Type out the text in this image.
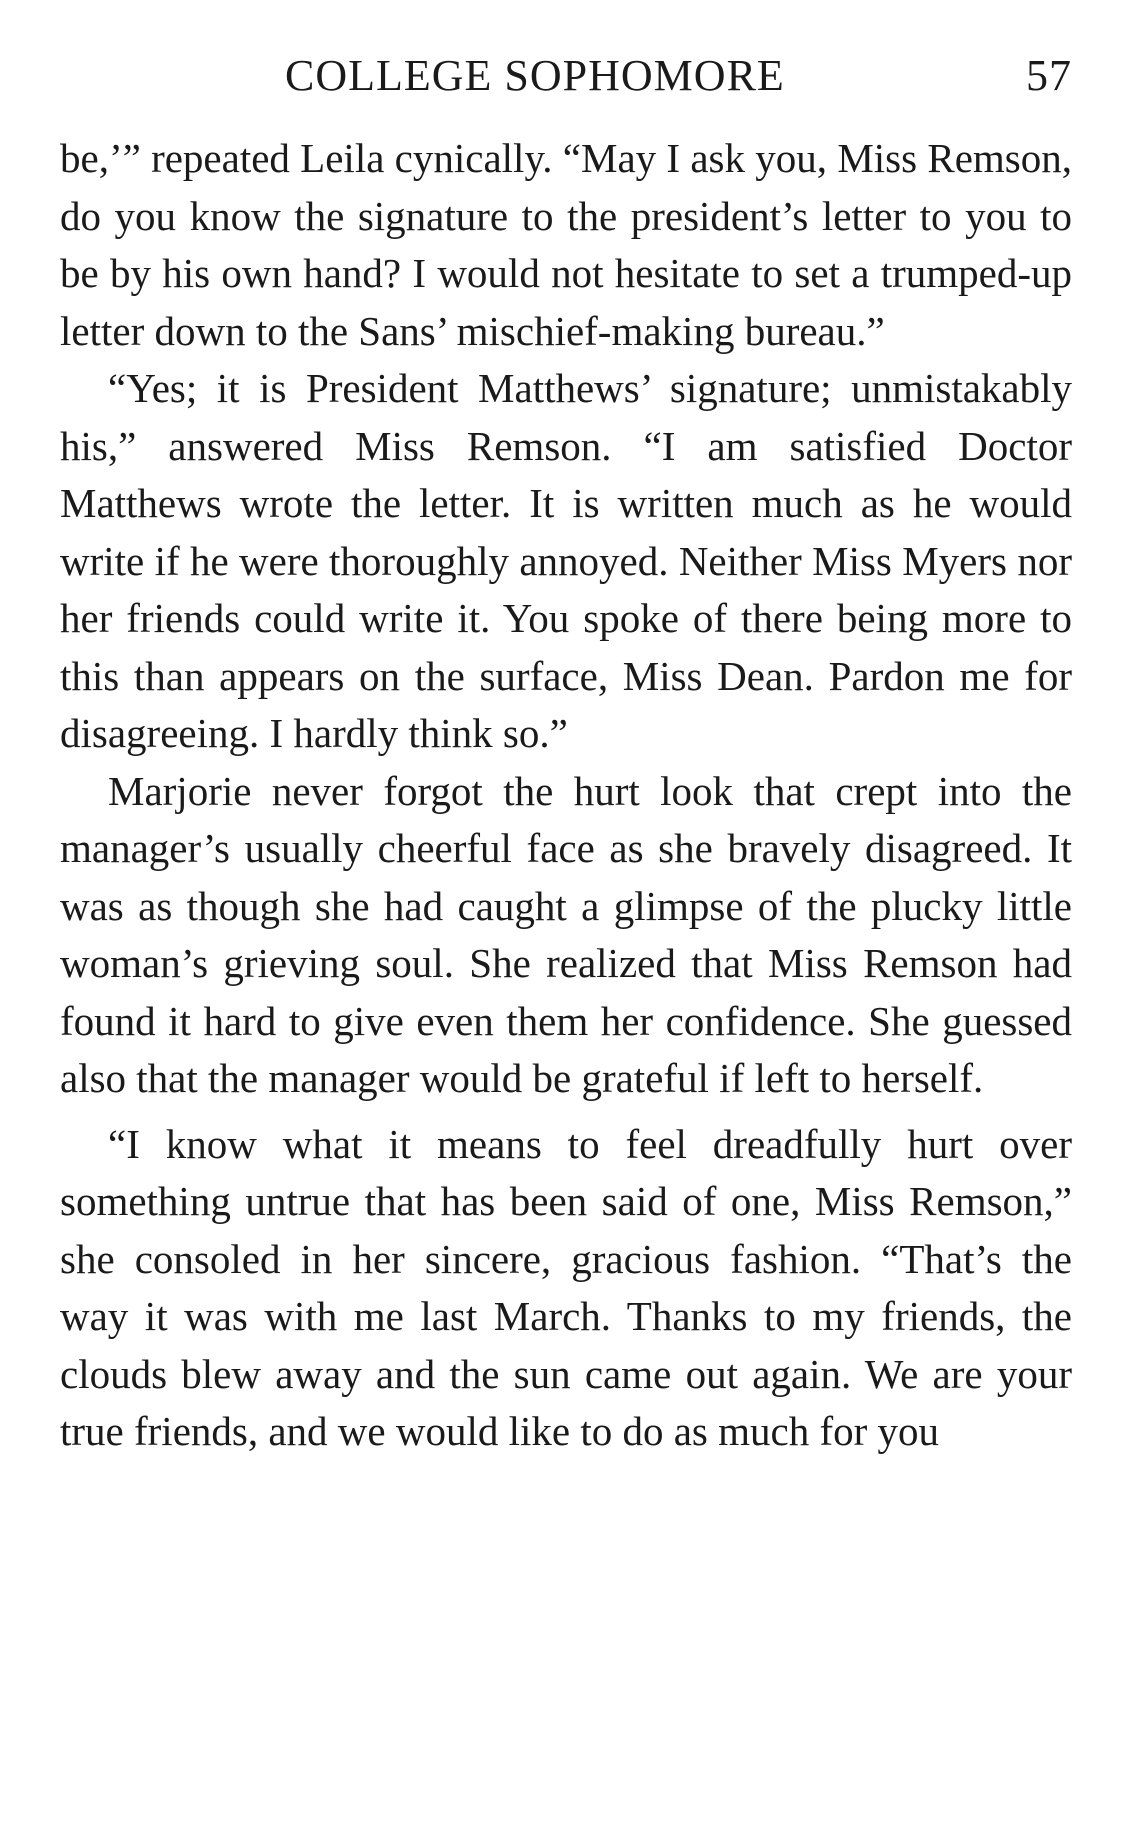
COLLEGE SOPHOMORE	57

be,’” repeated Leila cynically. “May I ask you, Miss Remson, do you know the signature to the president’s letter to you to be by his own hand? I would not hesitate to set a trumped-up letter down to the Sans’ mischief-making bureau.”

“Yes; it is President Matthews’ signature; unmistakably his,” answered Miss Remson. “I am satisfied Doctor Matthews wrote the letter. It is written much as he would write if he were thoroughly annoyed. Neither Miss Myers nor her friends could write it. You spoke of there being more to this than appears on the surface, Miss Dean. Pardon me for disagreeing. I hardly think so.”

Marjorie never forgot the hurt look that crept into the manager’s usually cheerful face as she bravely disagreed. It was as though she had caught a glimpse of the plucky little woman’s grieving soul. She realized that Miss Remson had found it hard to give even them her confidence. She guessed also that the manager would be grateful if left to herself.

“I know what it means to feel dreadfully hurt over something untrue that has been said of one, Miss Remson,” she consoled in her sincere, gracious fashion. “That’s the way it was with me last March. Thanks to my friends, the clouds blew away and the sun came out again. We are your true friends, and we would like to do as much for you
